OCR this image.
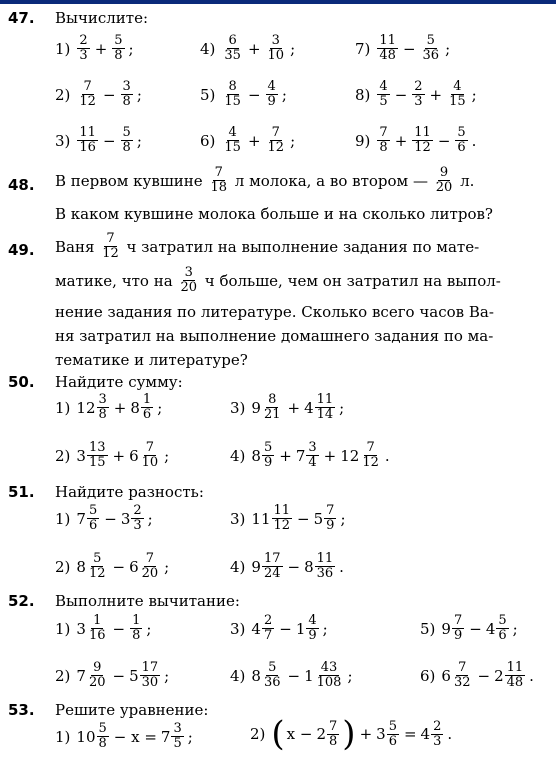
47. Вычислите:
$1) \frac{2}{3} + \frac{5}{8}$ ;
$2) \frac{7}{12} - \frac{3}{8}$ ;
$3) \frac{11}{16} - \frac{5}{8}$ ;
$4) \frac{6}{35} + \frac{3}{10}$ ;
$5) \frac{8}{15} - \frac{4}{9}$ ;
$6) \frac{4}{15} + \frac{7}{12}$ ;
$7) \frac{11}{48} - \frac{5}{36}$ ;
$8) \frac{4}{5} - \frac{2}{3} + \frac{4}{15}$ ;
$9) \frac{7}{8} + \frac{11}{12} - \frac{5}{6}$ .
48. В первом кувшине
$\frac{7}{18}$
л молока, а во втором —
$\frac{9}{20}$
л.
В каком кувшине молока больше и на сколько литров?
49. Ваня
$\frac{7}{12}$
ч затратил на выполнение задания по мате-
матике, что на
$\frac{3}{20}$
ч больше, чем он затратил на выпол-
нение задания по литературе. Сколько всего часов Ва-
ня затратил на выполнение домашнего задания по ма-
тематике и литературе?
50. Найдите сумму:
1) $12 \frac{3}{8} + 8 \frac{1}{6}$ ;
2) $3 \frac{13}{15} + 6 \frac{7}{10}$ ;
3) $9 \frac{8}{21} + 4 \frac{11}{14}$ ;
4) $8 \frac{5}{9} + 7 \frac{3}{4} + 12 \frac{7}{12}$ .
51. Найдите разность:
1) $7 \frac{5}{6} - 3 \frac{2}{3}$ ;
2) $8 \frac{5}{12} - 6 \frac{7}{20}$ ;
3) $11 \frac{11}{12} - 5 \frac{7}{9}$ ;
4) $9 \frac{17}{24} - 8 \frac{11}{36}$ .
52. Выполните вычитание:
1) $3 \frac{1}{16} - \frac{1}{8}$ ;
2) $7 \frac{9}{20} - 5 \frac{17}{30}$ ;
3) $4 \frac{2}{7} - 1 \frac{4}{9}$ ;
4) $8 \frac{5}{36} - 1 \frac{43}{108}$ ;
5) $9 \frac{7}{9} - 4 \frac{5}{6}$ ;
6) $6 \frac{7}{32} - 2 \frac{11}{48}$ .
53. Решите уравнение:
1) $10 \frac{5}{8} - x = 7 \frac{3}{5}$ ;	2) ( $x - 2 \frac{7}{8}$ ) + $3 \frac{5}{6} = 4 \frac{2}{3}$ .
